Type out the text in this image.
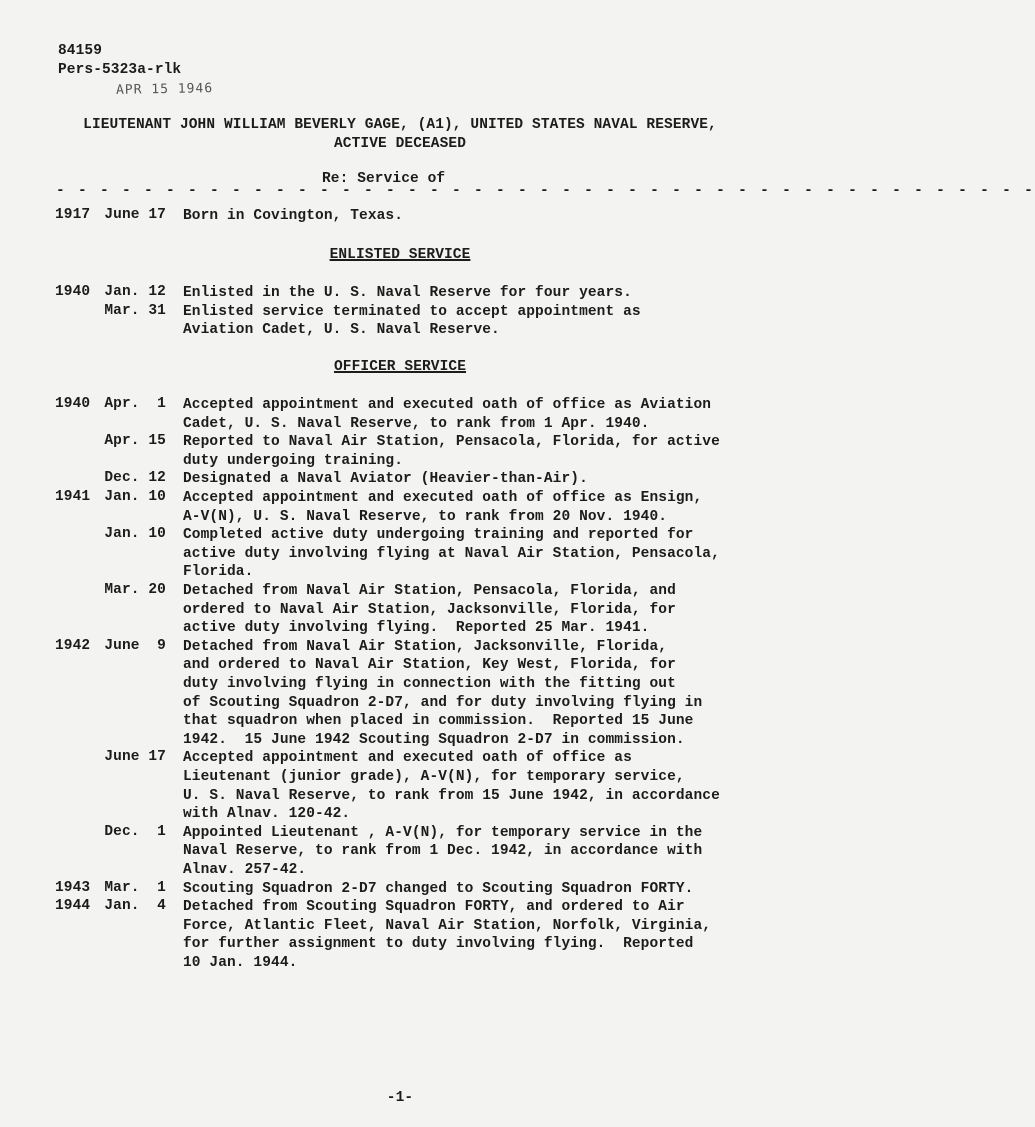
84159
Pers-5323a-rlk
APR 15 1946
LIEUTENANT JOHN WILLIAM BEVERLY GAGE, (A1), UNITED STATES NAVAL RESERVE,
ACTIVE DECEASED
Re: Service of
- - - - - - - - - - - - - - - - - - - - - - - - - - - - - - - - - - - - - - - - - - - - -
1917 June 17 Born in Covington, Texas.
ENLISTED SERVICE
1940 Jan. 12 Enlisted in the U. S. Naval Reserve for four years.
Mar. 31 Enlisted service terminated to accept appointment as
Aviation Cadet, U. S. Naval Reserve.
OFFICER SERVICE
1940 Apr.  1 Accepted appointment and executed oath of office as Aviation
Cadet, U. S. Naval Reserve, to rank from 1 Apr. 1940.
Apr. 15 Reported to Naval Air Station, Pensacola, Florida, for active
duty undergoing training.
Dec. 12 Designated a Naval Aviator (Heavier-than-Air).
1941 Jan. 10 Accepted appointment and executed oath of office as Ensign,
A-V(N), U. S. Naval Reserve, to rank from 20 Nov. 1940.
Jan. 10 Completed active duty undergoing training and reported for
active duty involving flying at Naval Air Station, Pensacola,
Florida.
Mar. 20 Detached from Naval Air Station, Pensacola, Florida, and
ordered to Naval Air Station, Jacksonville, Florida, for
active duty involving flying.  Reported 25 Mar. 1941.
1942 June  9 Detached from Naval Air Station, Jacksonville, Florida,
and ordered to Naval Air Station, Key West, Florida, for
duty involving flying in connection with the fitting out
of Scouting Squadron 2-D7, and for duty involving flying in
that squadron when placed in commission.  Reported 15 June
1942.  15 June 1942 Scouting Squadron 2-D7 in commission.
June 17 Accepted appointment and executed oath of office as
Lieutenant (junior grade), A-V(N), for temporary service,
U. S. Naval Reserve, to rank from 15 June 1942, in accordance
with Alnav. 120-42.
Dec.  1 Appointed Lieutenant , A-V(N), for temporary service in the
Naval Reserve, to rank from 1 Dec. 1942, in accordance with
Alnav. 257-42.
1943 Mar.  1 Scouting Squadron 2-D7 changed to Scouting Squadron FORTY.
1944 Jan.  4 Detached from Scouting Squadron FORTY, and ordered to Air
Force, Atlantic Fleet, Naval Air Station, Norfolk, Virginia,
for further assignment to duty involving flying.  Reported
10 Jan. 1944.
-1-
